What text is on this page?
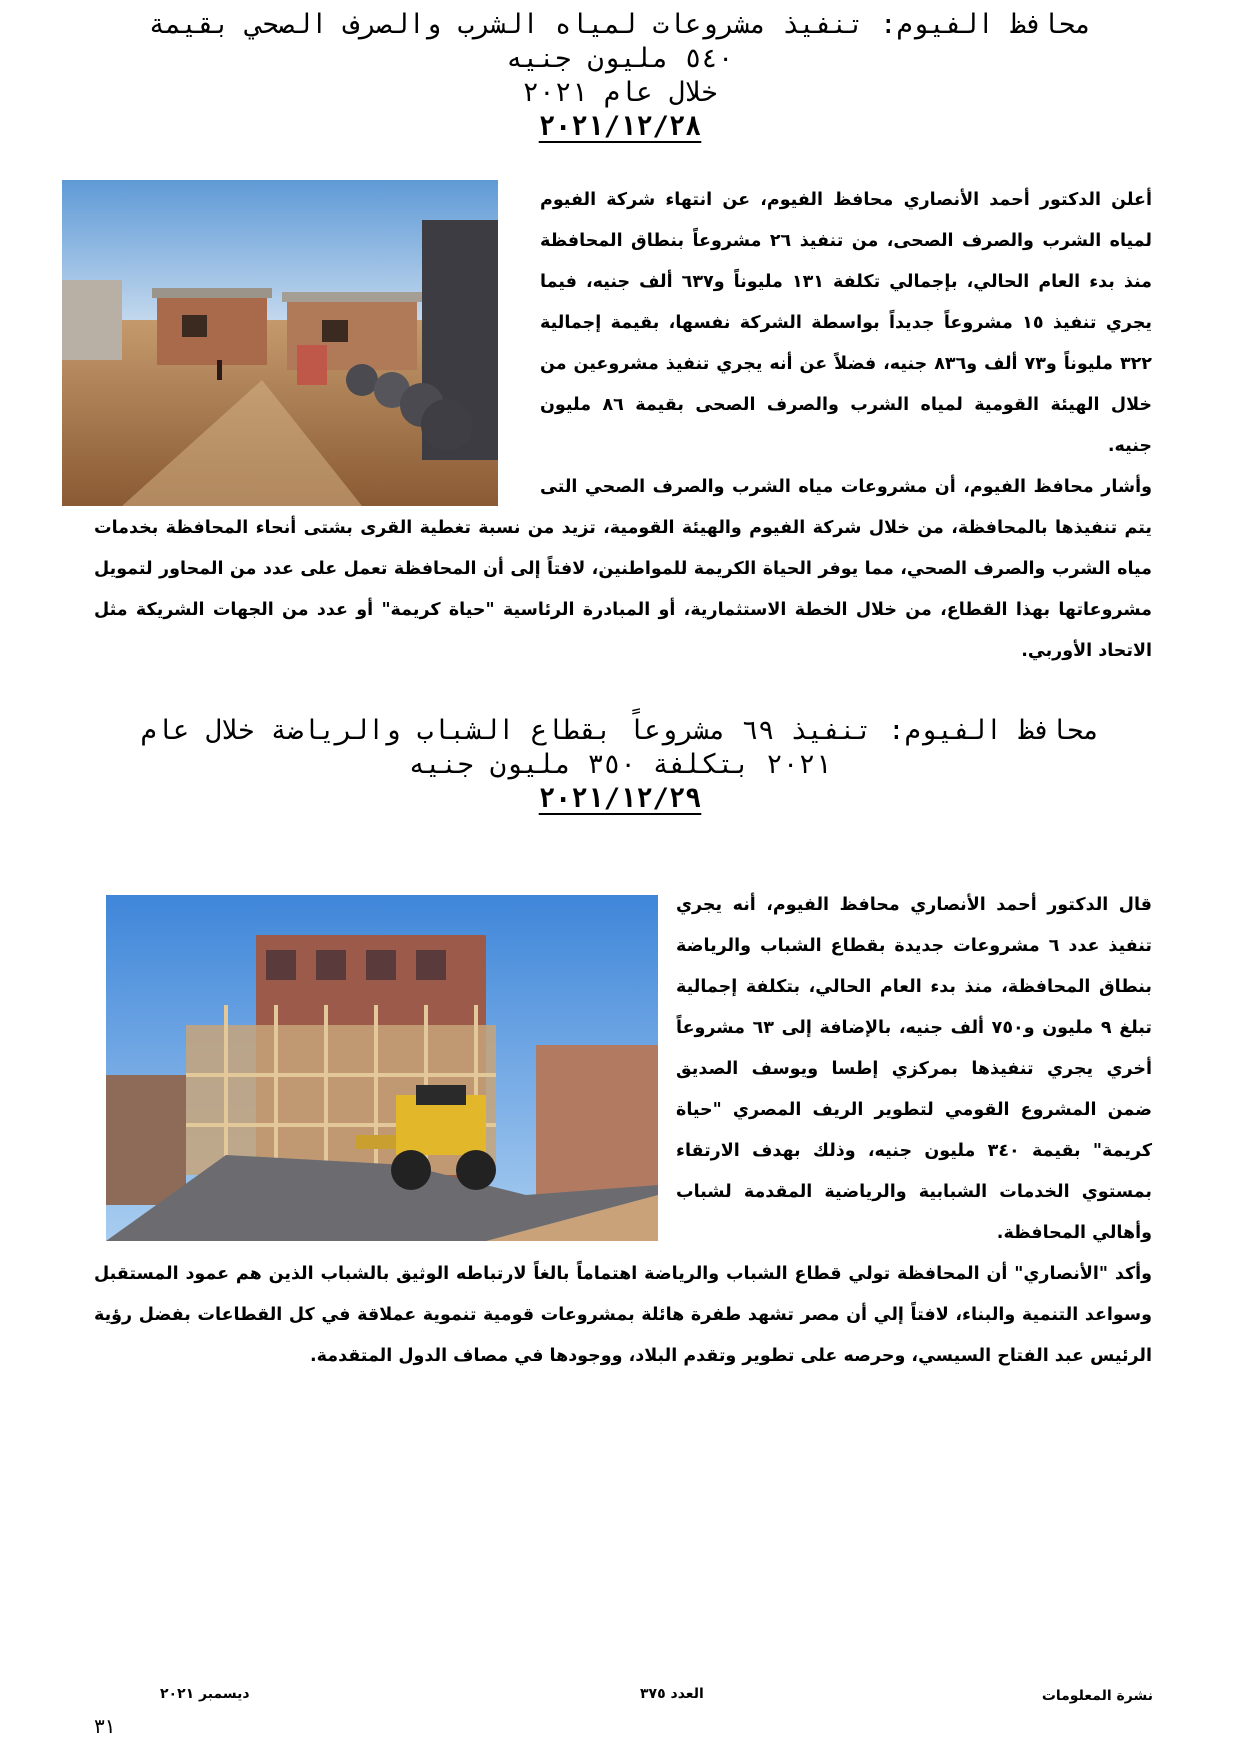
محافظ الفيوم: تنفيذ مشروعات لمياه الشرب والصرف الصحي بقيمة
٥٤٠ مليون جنيه
خلال عام ٢٠٢١
٢٠٢١/١٢/٢٨

أعلن الدكتور أحمد الأنصاري محافظ الفيوم، عن انتهاء شركة الفيوم لمياه الشرب والصرف الصحى، من تنفيذ ٢٦ مشروعاً بنطاق المحافظة منذ بدء العام الحالي، بإجمالي تكلفة ١٣١ مليوناً و٦٣٧ ألف جنيه، فيما يجري تنفيذ ١٥ مشروعاً جديداً بواسطة الشركة نفسها، بقيمة إجمالية ٣٢٢ مليوناً و٧٣ ألف و٨٣٦ جنيه، فضلاً عن أنه يجري تنفيذ مشروعين من خلال الهيئة القومية لمياه الشرب والصرف الصحى بقيمة ٨٦ مليون جنيه.

وأشار محافظ الفيوم، أن مشروعات مياه الشرب والصرف الصحي التى يتم تنفيذها بالمحافظة، من خلال شركة الفيوم والهيئة القومية، تزيد من نسبة تغطية القرى بشتى أنحاء المحافظة بخدمات مياه الشرب والصرف الصحي، مما يوفر الحياة الكريمة للمواطنين، لافتاً إلى أن المحافظة تعمل على عدد من المحاور لتمويل مشروعاتها بهذا القطاع، من خلال الخطة الاستثمارية، أو المبادرة الرئاسية "حياة كريمة" أو عدد من الجهات الشريكة مثل الاتحاد الأوربي.

محافظ الفيوم: تنفيذ ٦٩ مشروعاً بقطاع الشباب والرياضة خلال عام
٢٠٢١ بتكلفة ٣٥٠ مليون جنيه
٢٠٢١/١٢/٢٩

قال الدكتور أحمد الأنصاري محافظ الفيوم، أنه يجري تنفيذ عدد ٦ مشروعات جديدة بقطاع الشباب والرياضة بنطاق المحافظة، منذ بدء العام الحالي، بتكلفة إجمالية تبلغ ٩ مليون و٧٥٠ ألف جنيه، بالإضافة إلى ٦٣ مشروعاً أخري يجري تنفيذها بمركزي إطسا ويوسف الصديق ضمن المشروع القومي لتطوير الريف المصري "حياة كريمة" بقيمة ٣٤٠ مليون جنيه، وذلك بهدف الارتقاء بمستوي الخدمات الشبابية والرياضية المقدمة لشباب وأهالي المحافظة.

وأكد "الأنصاري" أن المحافظة تولي قطاع الشباب والرياضة اهتماماً بالغاً لارتباطه الوثيق بالشباب الذين هم عمود المستقبل وسواعد التنمية والبناء، لافتاً إلي أن مصر تشهد طفرة هائلة بمشروعات قومية تنموية عملاقة في كل القطاعات بفضل رؤية الرئيس عبد الفتاح السيسي، وحرصه على تطوير وتقدم البلاد، ووجودها في مصاف الدول المتقدمة.

نشرة المعلومات
العدد ٣٧٥
ديسمبر ٢٠٢١
٣١
